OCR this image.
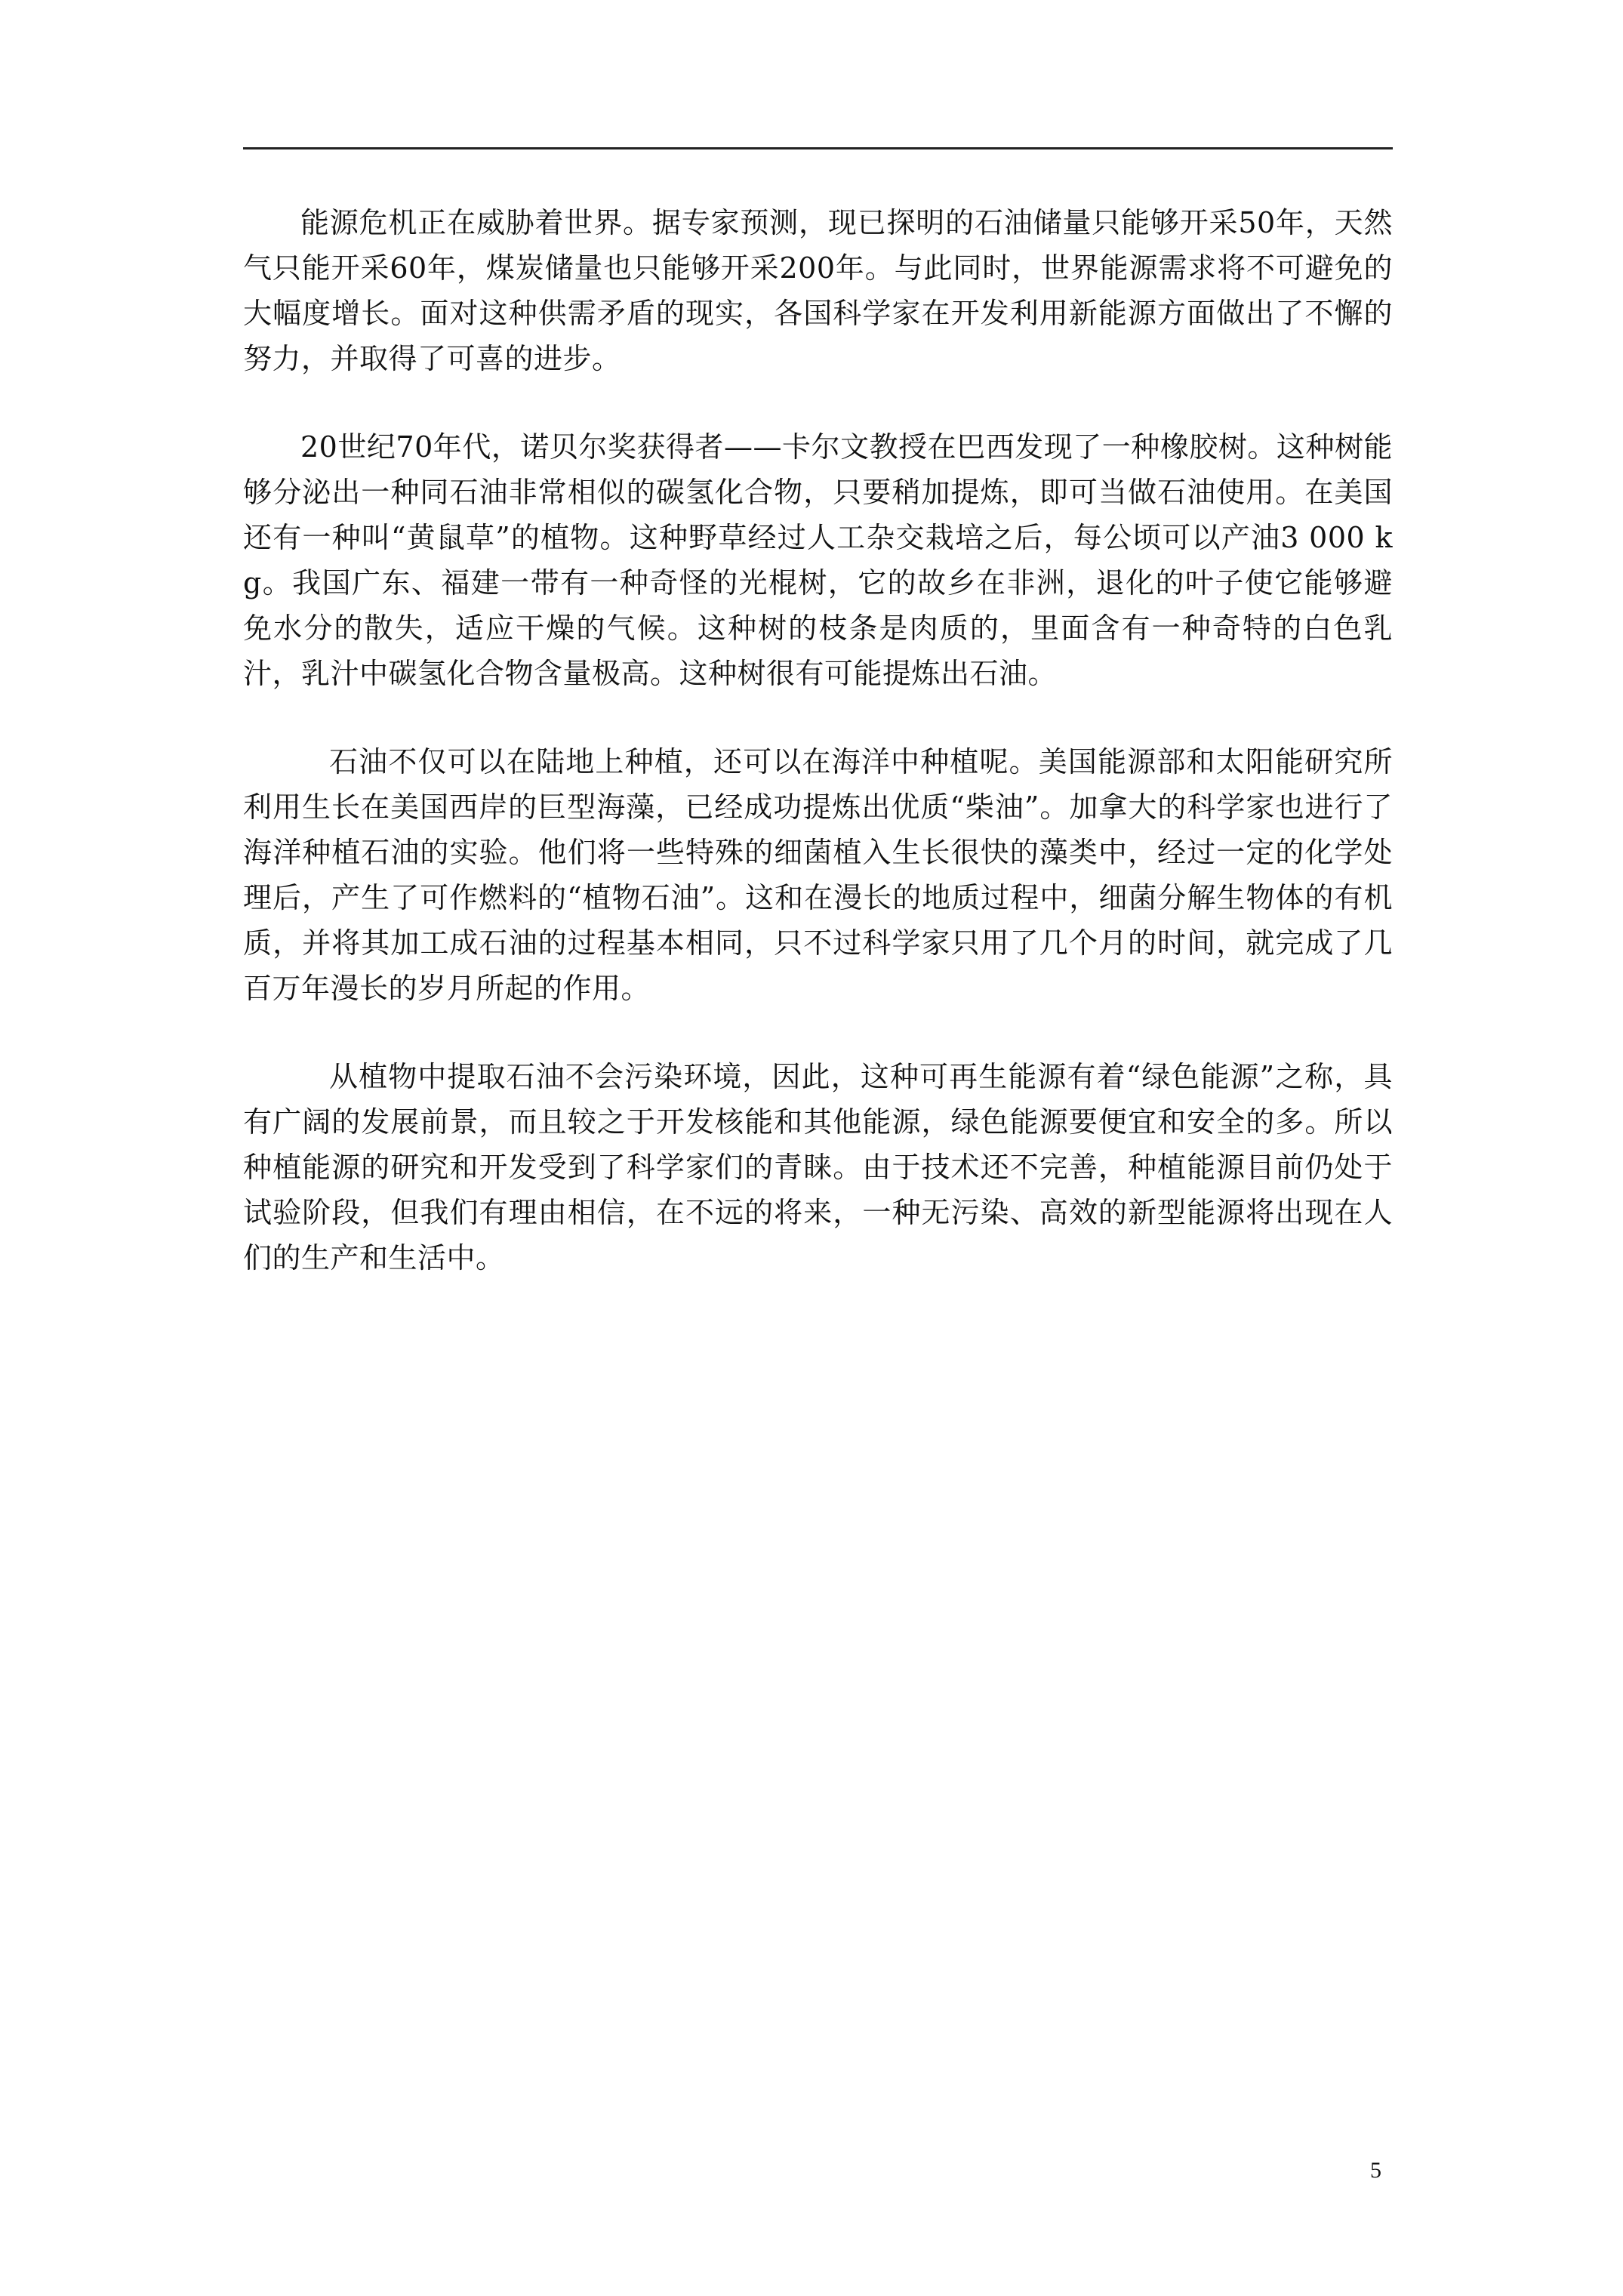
能源危机正在威胁着世界。据专家预测，现已探明的石油储量只能够开采50年，天然气只能开采60年，煤炭储量也只能够开采200年。与此同时，世界能源需求将不可避免的大幅度增长。面对这种供需矛盾的现实，各国科学家在开发利用新能源方面做出了不懈的努力，并取得了可喜的进步。

20世纪70年代，诺贝尔奖获得者——卡尔文教授在巴西发现了一种橡胶树。这种树能够分泌出一种同石油非常相似的碳氢化合物，只要稍加提炼，即可当做石油使用。在美国还有一种叫“黄鼠草”的植物。这种野草经过人工杂交栽培之后，每公顷可以产油3 000 kg。我国广东、福建一带有一种奇怪的光棍树，它的故乡在非洲，退化的叶子使它能够避免水分的散失，适应干燥的气候。这种树的枝条是肉质的，里面含有一种奇特的白色乳汁，乳汁中碳氢化合物含量极高。这种树很有可能提炼出石油。

石油不仅可以在陆地上种植，还可以在海洋中种植呢。美国能源部和太阳能研究所利用生长在美国西岸的巨型海藻，已经成功提炼出优质“柴油”。加拿大的科学家也进行了海洋种植石油的实验。他们将一些特殊的细菌植入生长很快的藻类中，经过一定的化学处理后，产生了可作燃料的“植物石油”。这和在漫长的地质过程中，细菌分解生物体的有机质，并将其加工成石油的过程基本相同，只不过科学家只用了几个月的时间，就完成了几百万年漫长的岁月所起的作用。

从植物中提取石油不会污染环境，因此，这种可再生能源有着“绿色能源”之称，具有广阔的发展前景，而且较之于开发核能和其他能源，绿色能源要便宜和安全的多。所以种植能源的研究和开发受到了科学家们的青睐。由于技术还不完善，种植能源目前仍处于试验阶段，但我们有理由相信，在不远的将来，一种无污染、高效的新型能源将出现在人们的生产和生活中。

5
